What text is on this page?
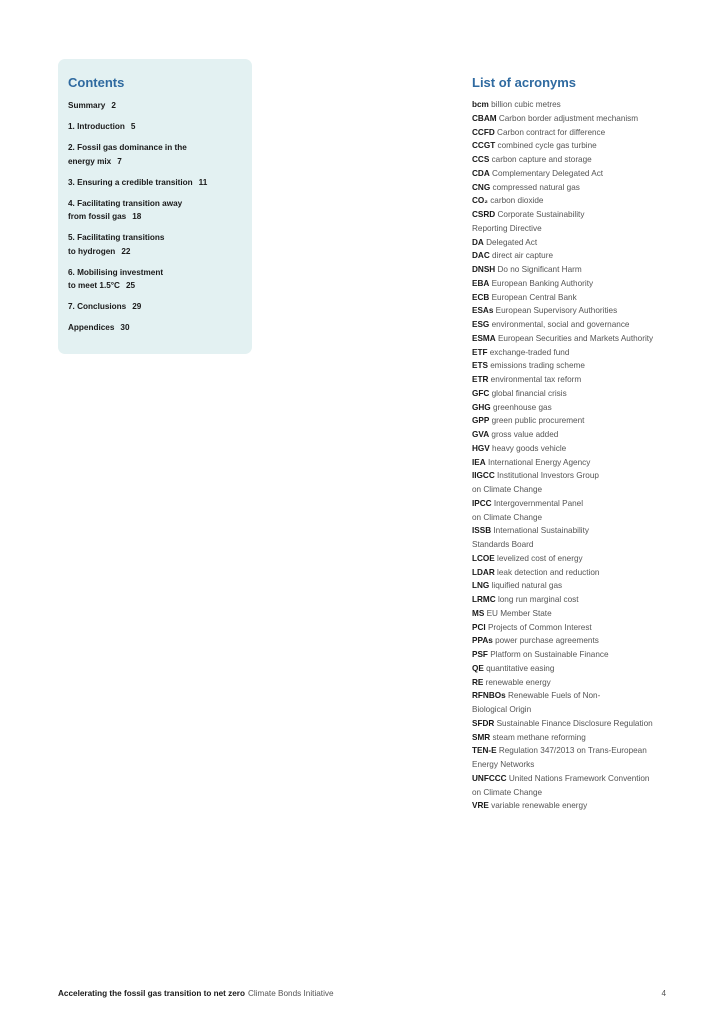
Contents
Summary 2
1. Introduction 5
2. Fossil gas dominance in the
energy mix 7
3. Ensuring a credible transition 11
4. Facilitating transition away
from fossil gas 18
5. Facilitating transitions
to hydrogen 22
6. Mobilising investment
to meet 1.5°C 25
7. Conclusions 29
Appendices 30
List of acronyms
bcm billion cubic metres
CBAM Carbon border adjustment mechanism
CCFD Carbon contract for difference
CCGT combined cycle gas turbine
CCS carbon capture and storage
CDA Complementary Delegated Act
CNG compressed natural gas
CO₂ carbon dioxide
CSRD Corporate Sustainability
Reporting Directive
DA Delegated Act
DAC direct air capture
DNSH Do no Significant Harm
EBA European Banking Authority
ECB European Central Bank
ESAs European Supervisory Authorities
ESG environmental, social and governance
ESMA European Securities and Markets Authority
ETF exchange-traded fund
ETS emissions trading scheme
ETR environmental tax reform
GFC global financial crisis
GHG greenhouse gas
GPP green public procurement
GVA gross value added
HGV heavy goods vehicle
IEA International Energy Agency
IIGCC Institutional Investors Group
on Climate Change
IPCC Intergovernmental Panel
on Climate Change
ISSB International Sustainability
Standards Board
LCOE levelized cost of energy
LDAR leak detection and reduction
LNG liquified natural gas
LRMC long run marginal cost
MS EU Member State
PCI Projects of Common Interest
PPAs power purchase agreements
PSF Platform on Sustainable Finance
QE quantitative easing
RE renewable energy
RFNBOs Renewable Fuels of Non-
Biological Origin
SFDR Sustainable Finance Disclosure Regulation
SMR steam methane reforming
TEN-E Regulation 347/2013 on Trans-European
Energy Networks
UNFCCC United Nations Framework Convention
on Climate Change
VRE variable renewable energy
Accelerating the fossil gas transition to net zero Climate Bonds Initiative	4
